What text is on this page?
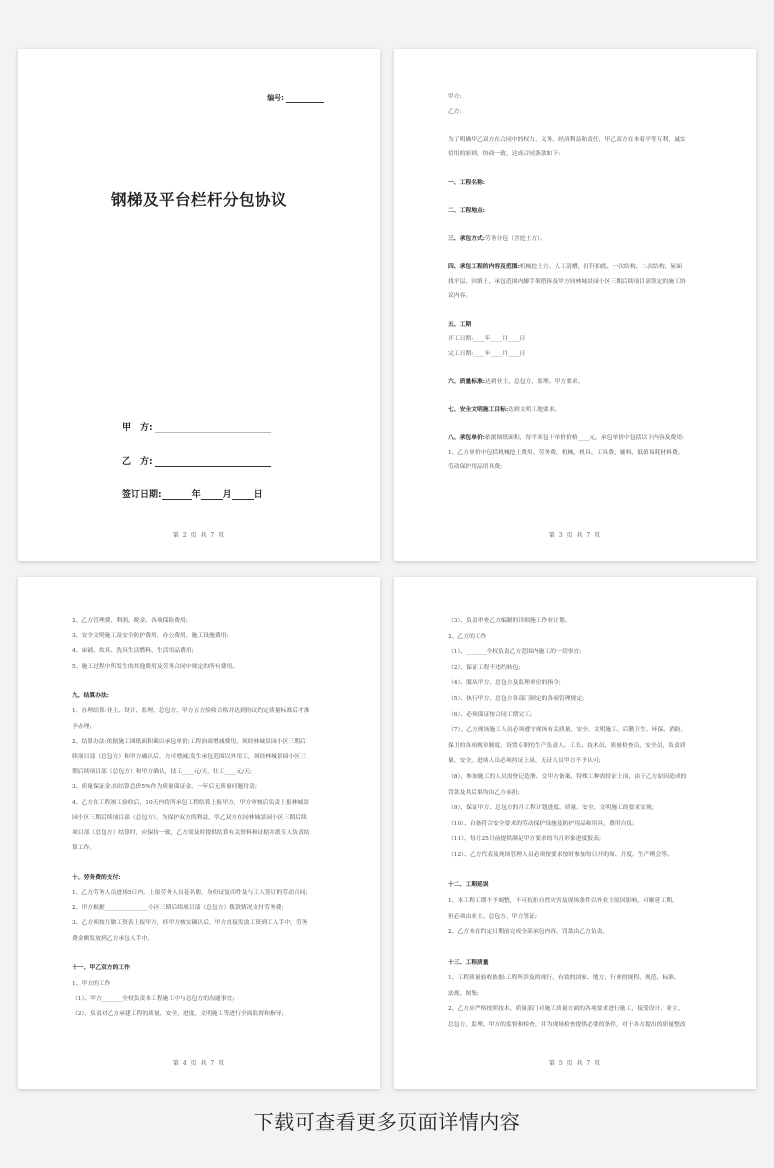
编号:
钢梯及平台栏杆分包协议
甲　方:
乙　方:
签订日期:	年 月 日
第 2 页 共 7 页
甲方:
乙方:
为了明确甲乙双方在合同中的权力、义务、经济利益和责任，甲乙双方在本着平等互利、诚实
信用的原则，协商一致，达成合同条款如下:
一、工程名称:
二、工程地点:
三、承包方式:劳务分包（含挖土方）。
四、承包工程的内容及范围:机械挖土方、人工清槽、打钎拍底、一次结构、二次结构、屋面
找平层、回填土、承包范围内脚手架搭拆及甲方同林城景园小区三期后续项目部签定的施工协
议内容。
五、工期
开工日期:____年____月____日
完工日期:____年____月____日
六、质量标准:达到业主、总包方、监理、甲方要求。
七、安全文明施工目标:达到文明工地要求。
八、承包单价:依据图纸面积，每平米包干单价价格____元，承包单价中包括以下内容及费用:
1、乙方单价中包括机械挖土费用、劳务费、机械、机具、工具费、辅料、低值易耗材料费、
劳动保护用品用具费;
第 3 页 共 7 页
2、乙方管理费、利润、税金、各项保险费用;
3、安全文明施工及安全防护费用，办公费用、施工设施费用;
4、床铺、炊具、洗具生活燃料、生活用品费用;
5、施工过程中所发生的其他费用及劳务合同中规定的所有费用。
九、结算办法:
1、办理结算:业主、设计、监理、总包方、甲方五方验收合格并达到协议约定质量标准后才准
予办理;
2、结算办法:依据施工图纸面积乘以承包单价;工程治商增减费用，须经林城景园小区三期后
续项目部（总包方）和甲方确认后，方可增减;发生承包范围以外用工，须经林城景园小区三
期后续项目部（总包方）和甲方确认，技工____元/天，壮工____元/天;
3、质量保证金:扣结算总价5%作为质量保证金，一年后无质量问题付清;
4、乙方在工程竣工验收后，10天内将所承包工程结算上报甲方，甲方审核后负责上报林城景
园小区三期后续项目部（总包方），为保护双方的利益，甲乙双方在同林城景园小区三期后续
项目部（总包方）结算时，应保持一致，乙方需及时提供结算有关资料和证据并派专人负责结
算工作。
十、劳务费的支付:
1、乙方劳务人员进场5日内，上报劳务人员花名册，身份证复印件及与工人签订的劳动合同;
2、甲方根据_______________小区三期后续项目部（总包方）拨款情况支付劳务费;
3、乙方须按月做工资表上报甲方，经甲方核实确认后，甲方直接发放工资到工人手中，劳务
费金额发放到乙方承包人手中。
十一、甲乙双方的工作
1、甲方的工作
（1）、甲方_______全权负责本工程施工中与总包方的沟通事宜;
（2）、负责对乙方承建工程的质量、安全、进度、文明施工等进行全面监督和指导;
第 4 页 共 7 页
（3）、负责审查乙方编制的详细施工作业计划。
2、乙方的工作
（1）、_______全权负责乙方范围内施工的一切事宜;
（2）、保证工程不违约转包;
（4）、服从甲方、总包方及监理单位的指令;
（5）、执行甲方、总包方各部门制定的各项管理规定;
（6）、必须保证按合同工期完工;
（7）、乙方现场施工人员必须遵守现场有关质量、安全、文明施工、后勤卫生、环保、消防、
保卫的各项规章制度，设置专职的生产负责人、工长、技术员、质量检查员、安全员，负责质
量、安全，进场人员必须持证上岗，无证人员甲方不予认可;
（8）、参加施工的人员需登记造册、交甲方备案，特殊工种需持证上岗，由于乙方原因造成的
罚款及其后果均由乙方承担;
（9）、保证甲方、总包方的月工程计划进度、质量、安全、文明施工的要求实现;
（10）、自备符合安全要求的劳动保护设施及防护用品和用具，费用自负;
（11）、每月25日前提供满足甲方要求的当月形象进度报表;
（12）、乙方代表及现场管理人员必须按要求按时参加每日开的周、月度、生产例会等。
十二、工期延误
1、本工程工期不予调整，不可抗拒自然灾害及现场条件以外业主原因影响，可顺延工期，
但必须由业主、总包方、甲方签证;
2、乙方未在约定日期前完成全部承包内容，罚款由乙方负责。
十三、工程质量
1、工程质量验收依据:工程所涉及的现行、有效的国家、地方、行业的规程、规范、标准、
法规、图集;
2、乙方应严格按照技术、质量部门对施工质量方面的各项要求进行施工，接受设计、业主、
总包方、监理、甲方的监督和检查，并为现场检查提供必要的条件，对于各方提出的质量整改
第 5 页 共 7 页
下载可查看更多页面详情内容
